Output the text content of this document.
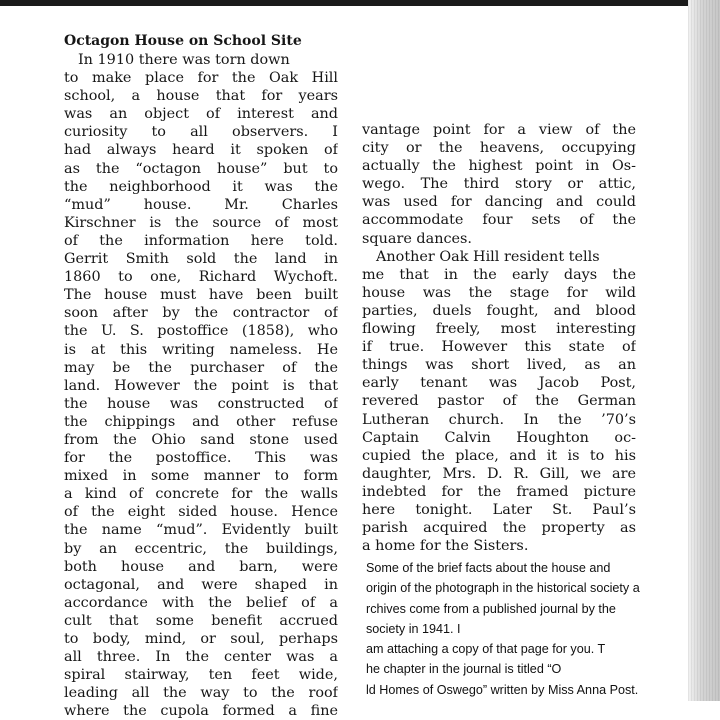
Octagon House on School Site
In 1910 there was torn down
to make place for the Oak Hill
school, a house that for years
was an object of interest and
curiosity to all observers. I
had always heard it spoken of
as the “octagon house” but to
the neighborhood it was the
“mud” house. Mr. Charles
Kirschner is the source of most
of the information here told.
Gerrit Smith sold the land in
1860 to one, Richard Wychoft.
The house must have been built
soon after by the contractor of
the U. S. postoffice (1858), who
is at this writing nameless. He
may be the purchaser of the
land. However the point is that
the house was constructed of
the chippings and other refuse
from the Ohio sand stone used
for the postoffice. This was
mixed in some manner to form
a kind of concrete for the walls
of the eight sided house. Hence
the name “mud”. Evidently built
by an eccentric, the buildings,
both house and barn, were
octagonal, and were shaped in
accordance with the belief of a
cult that some benefit accrued
to body, mind, or soul, perhaps
all three. In the center was a
spiral stairway, ten feet wide,
leading all the way to the roof
where the cupola formed a fine
vantage point for a view of the
city or the heavens, occupying
actually the highest point in Os-
wego. The third story or attic,
was used for dancing and could
accommodate four sets of the
square dances.
Another Oak Hill resident tells
me that in the early days the
house was the stage for wild
parties, duels fought, and blood
flowing freely, most interesting
if true. However this state of
things was short lived, as an
early tenant was Jacob Post,
revered pastor of the German
Lutheran church. In the ’70’s
Captain Calvin Houghton oc-
cupied the place, and it is to his
daughter, Mrs. D. R. Gill, we are
indebted for the framed picture
here tonight. Later St. Paul’s
parish acquired the property as
a home for the Sisters.
Some of the brief facts about the house and
origin of the photograph in the historical society a
rchives come from a published journal by the
society in 1941. I
am attaching a copy of that page for you. T
he chapter in the journal is titled “O
ld Homes of Oswego” written by Miss Anna Post.
